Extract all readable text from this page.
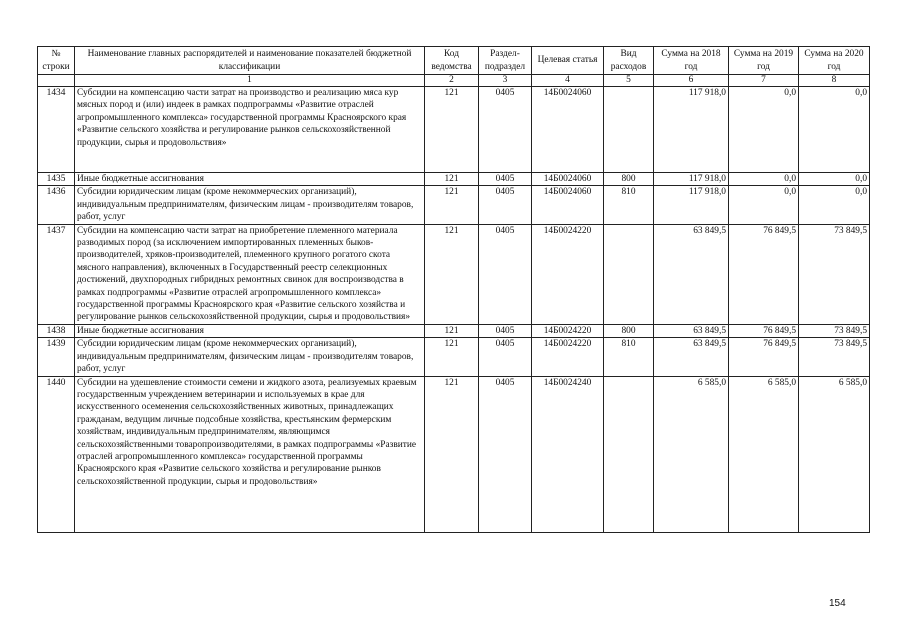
№ строки	Наименование главных распорядителей и наименование показателей бюджетной классификации	Код ведомства	Раздел-подраздел	Целевая статья	Вид расходов	Сумма на 2018 год	Сумма на 2019 год	Сумма на 2020 год
	1	2	3	4	5	6	7	8
1434	Субсидии на компенсацию части затрат на производство и реализацию мяса кур мясных пород и (или) индеек в рамках подпрограммы «Развитие отраслей агропромышленного комплекса» государственной программы Красноярского края «Развитие сельского хозяйства и регулирование рынков сельскохозяйственной продукции, сырья и продовольствия»	121	0405	14Б0024060		117 918,0	0,0	0,0
1435	Иные бюджетные ассигнования	121	0405	14Б0024060	800	117 918,0	0,0	0,0
1436	Субсидии юридическим лицам (кроме некоммерческих организаций), индивидуальным предпринимателям, физическим лицам - производителям товаров, работ, услуг	121	0405	14Б0024060	810	117 918,0	0,0	0,0
1437	Субсидии на компенсацию части затрат на приобретение племенного материала разводимых пород (за исключением импортированных племенных быков-производителей, хряков-производителей, племенного крупного рогатого скота мясного направления), включенных в Государственный реестр селекционных достижений, двухпородных гибридных ремонтных свинок для воспроизводства в рамках подпрограммы «Развитие отраслей агропромышленного комплекса» государственной программы Красноярского края «Развитие сельского хозяйства и регулирование рынков сельскохозяйственной продукции, сырья и продовольствия»	121	0405	14Б0024220		63 849,5	76 849,5	73 849,5
1438	Иные бюджетные ассигнования	121	0405	14Б0024220	800	63 849,5	76 849,5	73 849,5
1439	Субсидии юридическим лицам (кроме некоммерческих организаций), индивидуальным предпринимателям, физическим лицам - производителям товаров, работ, услуг	121	0405	14Б0024220	810	63 849,5	76 849,5	73 849,5
1440	Субсидии на удешевление стоимости семени и жидкого азота, реализуемых краевым государственным учреждением ветеринарии и используемых в крае для искусственного осеменения сельскохозяйственных животных, принадлежащих гражданам, ведущим личные подсобные хозяйства, крестьянским фермерским хозяйствам, индивидуальным предпринимателям, являющимся сельскохозяйственными товаропроизводителями, в рамках подпрограммы «Развитие отраслей агропромышленного комплекса» государственной программы Красноярского края «Развитие сельского хозяйства и регулирование рынков сельскохозяйственной продукции, сырья и продовольствия»	121	0405	14Б0024240		6 585,0	6 585,0	6 585,0
154
